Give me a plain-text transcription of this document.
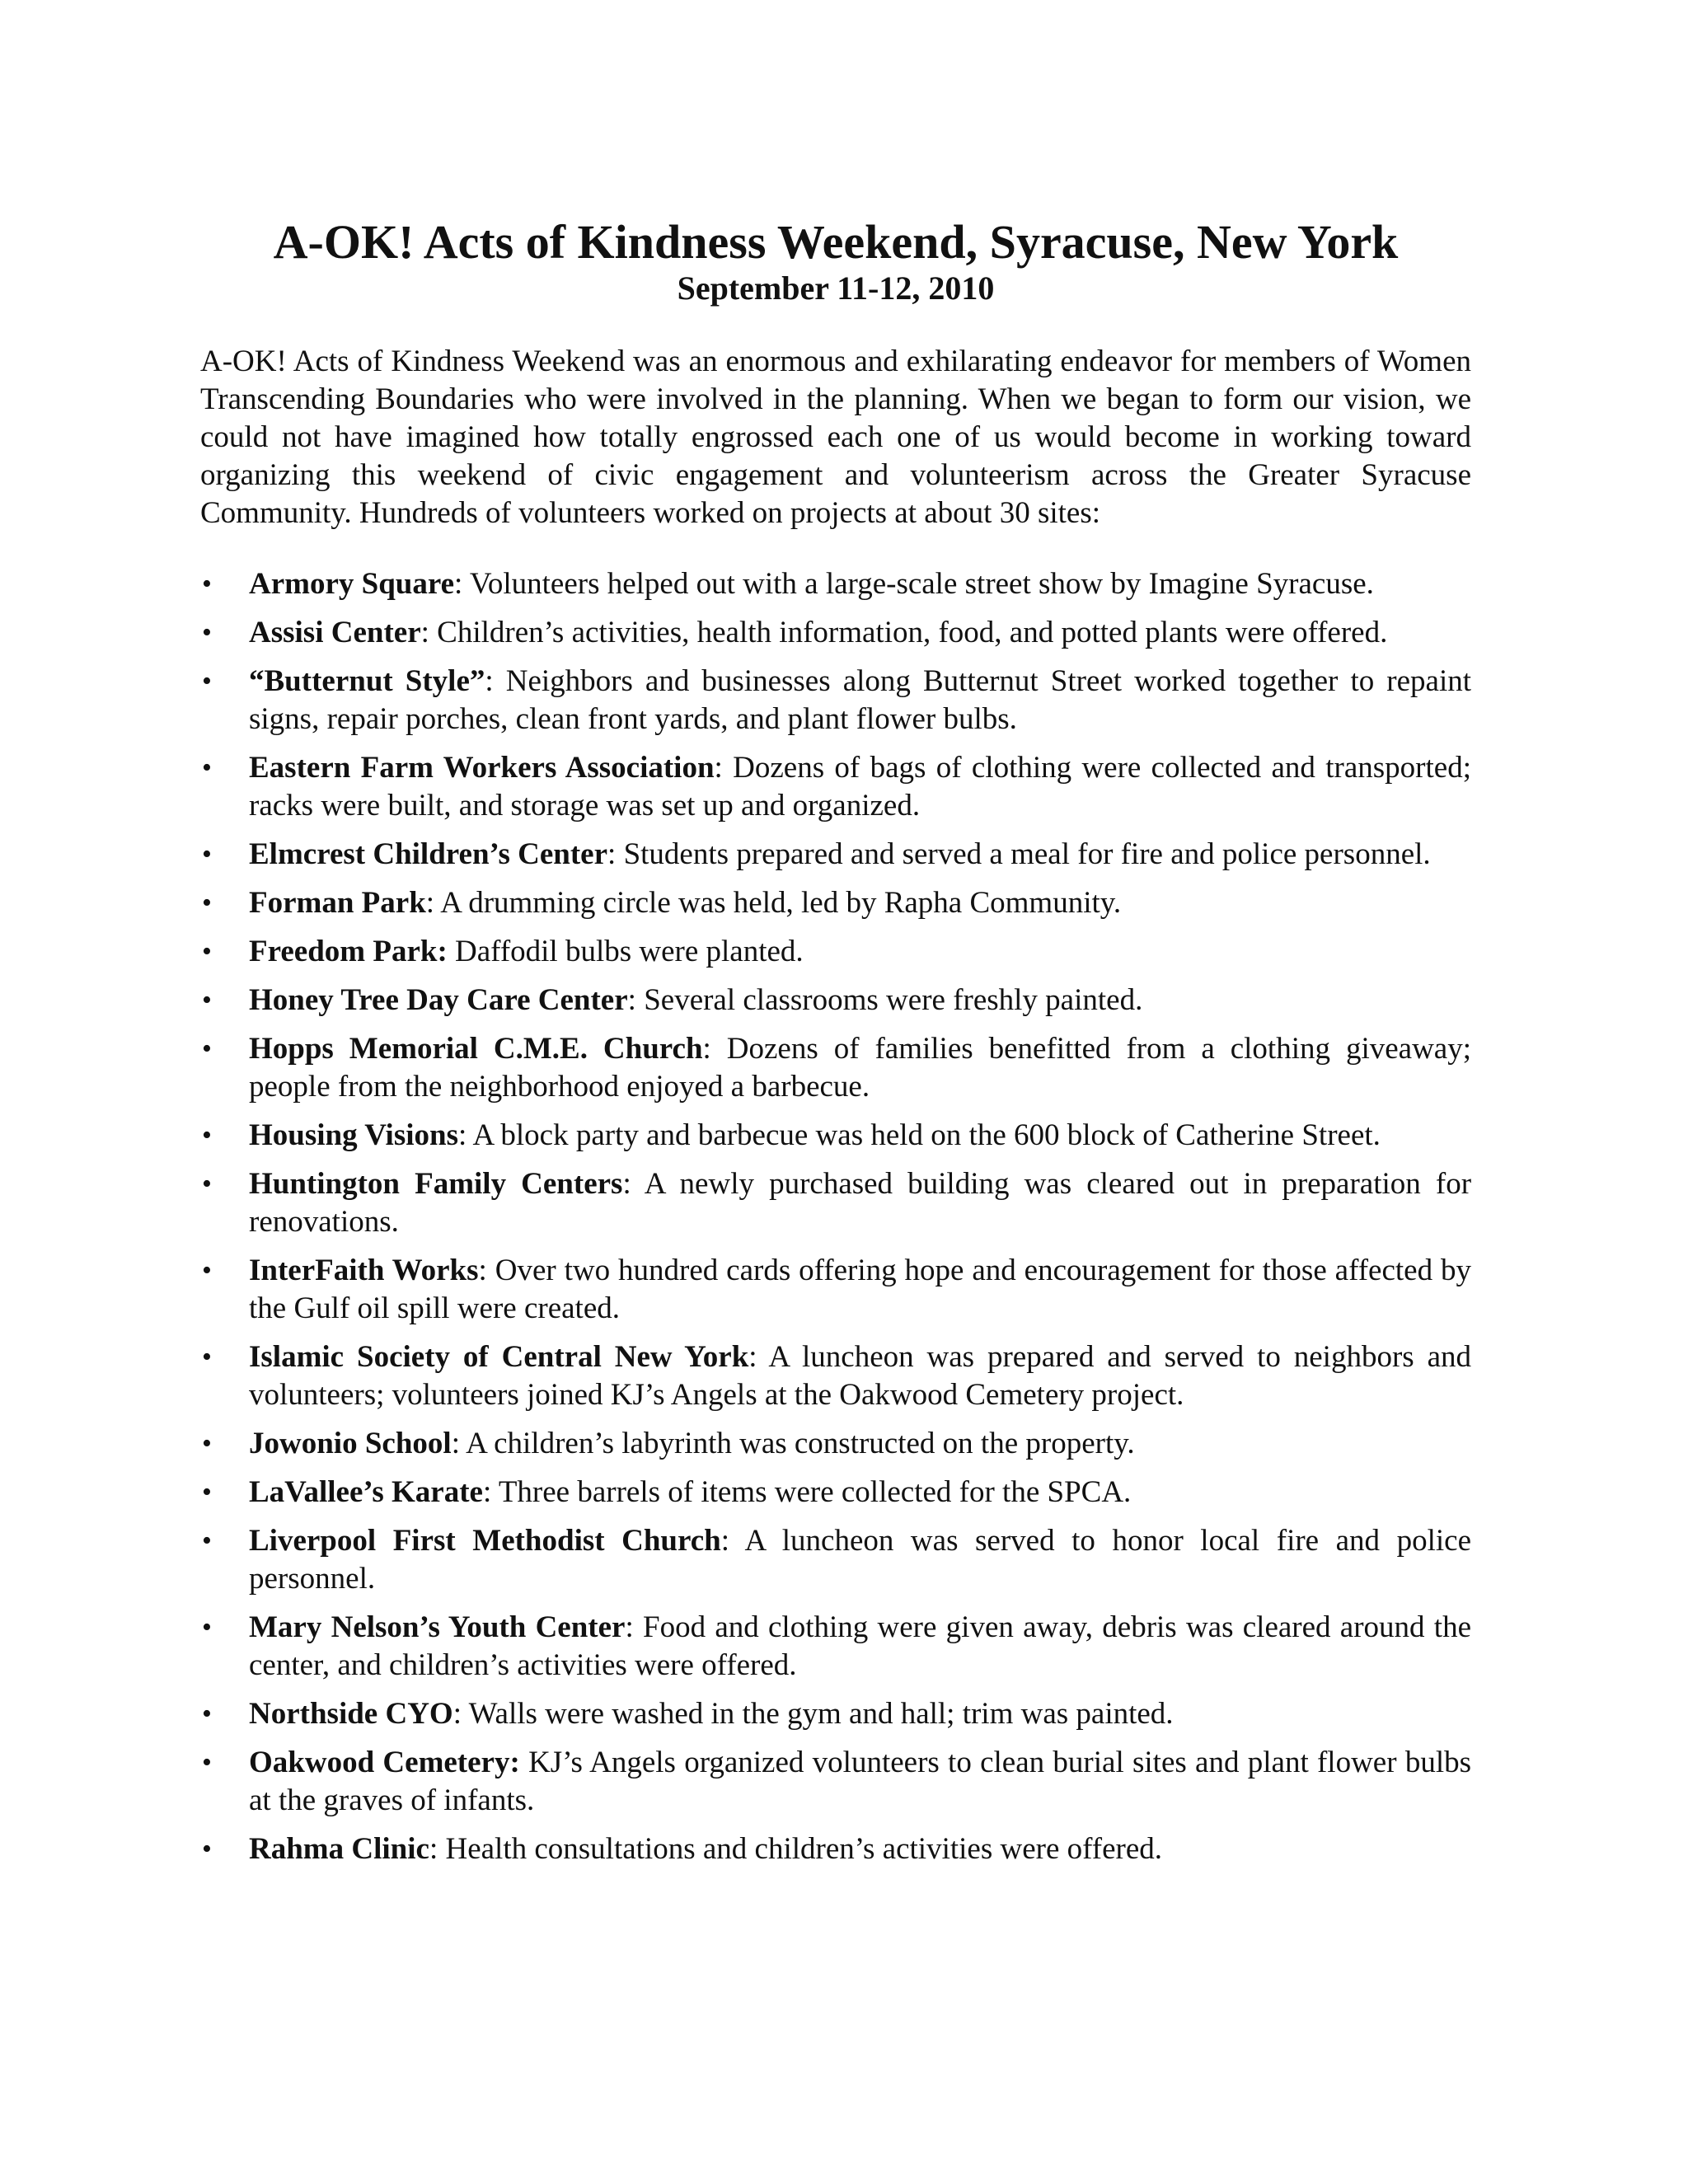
A-OK! Acts of Kindness Weekend, Syracuse, New York
September 11-12, 2010

A-OK! Acts of Kindness Weekend was an enormous and exhilarating endeavor for members of Women Transcending Boundaries who were involved in the planning. When we began to form our vision, we could not have imagined how totally engrossed each one of us would become in working toward organizing this weekend of civic engagement and volunteerism across the Greater Syracuse Community. Hundreds of volunteers worked on projects at about 30 sites:

• Armory Square: Volunteers helped out with a large-scale street show by Imagine Syracuse.
• Assisi Center: Children’s activities, health information, food, and potted plants were offered.
• “Butternut Style”: Neighbors and businesses along Butternut Street worked together to repaint signs, repair porches, clean front yards, and plant flower bulbs.
• Eastern Farm Workers Association: Dozens of bags of clothing were collected and transported; racks were built, and storage was set up and organized.
• Elmcrest Children’s Center: Students prepared and served a meal for fire and police personnel.
• Forman Park: A drumming circle was held, led by Rapha Community.
• Freedom Park: Daffodil bulbs were planted.
• Honey Tree Day Care Center: Several classrooms were freshly painted.
• Hopps Memorial C.M.E. Church: Dozens of families benefitted from a clothing giveaway; people from the neighborhood enjoyed a barbecue.
• Housing Visions: A block party and barbecue was held on the 600 block of Catherine Street.
• Huntington Family Centers: A newly purchased building was cleared out in preparation for renovations.
• InterFaith Works: Over two hundred cards offering hope and encouragement for those affected by the Gulf oil spill were created.
• Islamic Society of Central New York: A luncheon was prepared and served to neighbors and volunteers; volunteers joined KJ’s Angels at the Oakwood Cemetery project.
• Jowonio School: A children’s labyrinth was constructed on the property.
• LaVallee’s Karate: Three barrels of items were collected for the SPCA.
• Liverpool First Methodist Church: A luncheon was served to honor local fire and police personnel.
• Mary Nelson’s Youth Center: Food and clothing were given away, debris was cleared around the center, and children’s activities were offered.
• Northside CYO: Walls were washed in the gym and hall; trim was painted.
• Oakwood Cemetery: KJ’s Angels organized volunteers to clean burial sites and plant flower bulbs at the graves of infants.
• Rahma Clinic: Health consultations and children’s activities were offered.
